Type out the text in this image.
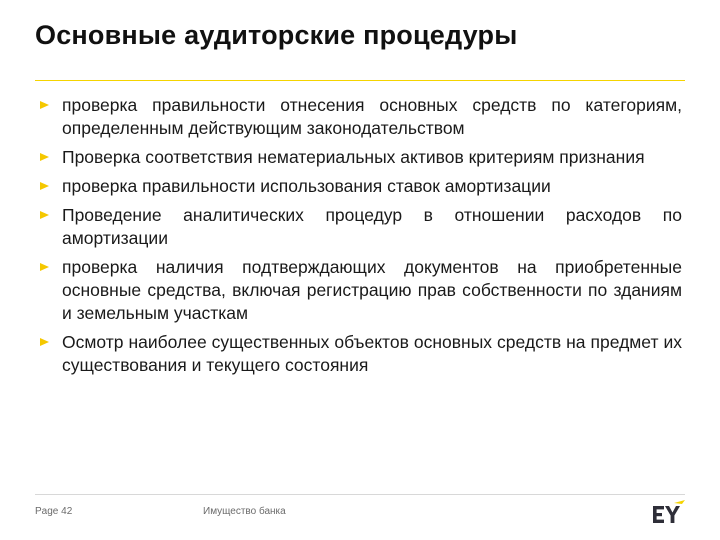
Основные аудиторские процедуры
проверка правильности отнесения основных средств по категориям, определенным действующим законодательством
Проверка соответствия нематериальных активов критериям признания
проверка правильности использования ставок амортизации
Проведение аналитических процедур в отношении расходов по амортизации
проверка наличия подтверждающих документов на приобретенные основные средства, включая регистрацию прав собственности по зданиям и земельным участкам
Осмотр наиболее существенных объектов основных средств на предмет их существования и текущего состояния
Page 42	Имущество банка
